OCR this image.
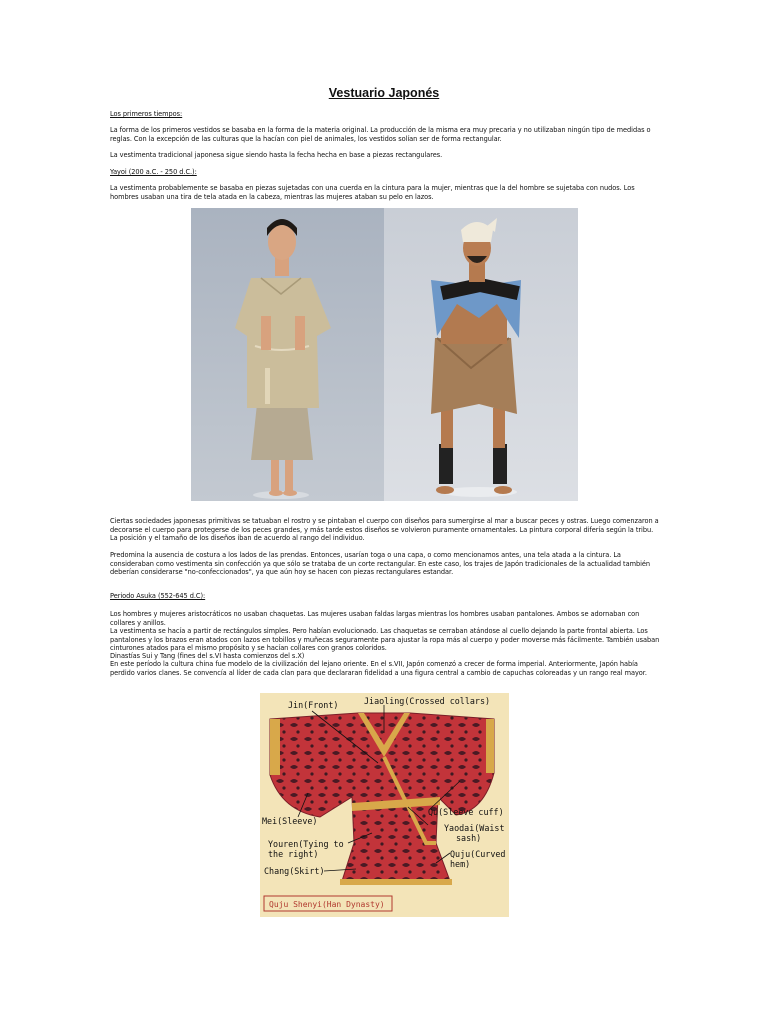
Vestuario Japonés
Los primeros tiempos:
La forma de los primeros vestidos se basaba en la forma de la materia original. La producción de la misma era muy precaria y no utilizaban ningún tipo de medidas o reglas. Con la excepción de las culturas que la hacían con piel de animales, los vestidos solían ser de forma rectangular.
La vestimenta tradicional japonesa sigue siendo hasta la fecha hecha en base a piezas rectangulares.
Yayoi (200 a.C. - 250 d.C.):
La vestimenta probablemente se basaba en piezas sujetadas con una cuerda en la cintura para la mujer, mientras que la del hombre se sujetaba con nudos. Los hombres usaban una tira de tela atada en la cabeza, mientras las mujeres ataban su pelo en lazos.
Ciertas sociedades japonesas primitivas se tatuaban el rostro y se pintaban el cuerpo con diseños para sumergirse al mar a buscar peces y ostras. Luego comenzaron a decorarse el cuerpo para protegerse de los peces grandes, y más tarde estos diseños se volvieron puramente ornamentales. La pintura corporal difería según la tribu. La posición y el tamaño de los diseños iban de acuerdo al rango del individuo.
Predomina la ausencia de costura a los lados de las prendas. Entonces, usarían toga o una capa, o como mencionamos antes, una tela atada a la cintura. La consideraban como vestimenta sin confección ya que sólo se trataba de un corte rectangular. En este caso, los trajes de Japón tradicionales de la actualidad también deberían considerarse "no-confeccionados", ya que aún hoy se hacen con piezas rectangulares estandar.
Periodo Asuka (552-645 d.C):
Los hombres y mujeres aristocráticos no usaban chaquetas. Las mujeres usaban faldas largas mientras los hombres usaban pantalones. Ambos se adornaban con collares y anillos.
La vestimenta se hacía a partir de rectángulos simples. Pero habían evolucionado. Las chaquetas se cerraban atándose al cuello dejando la parte frontal abierta. Los pantalones y los brazos eran atados con lazos en tobillos y muñecas seguramente para ajustar la ropa más al cuerpo y poder moverse más fácilmente. También usaban cinturones atados para el mismo propósito y se hacían collares con granos coloridos.
Dinastías Sui y Tang (fines del s.VI hasta comienzos del s.X)
En este período la cultura china fue modelo de la civilización del lejano oriente. En el s.VII, Japón comenzó a crecer de forma imperial. Anteriormente, Japón había perdido varios clanes. Se convencía al líder de cada clan para que declararan fidelidad a una figura central a cambio de capuchas coloreadas y un rango real mayor.
Jin(Front)	Jiaoling(Crossed collars)
Qu(Sleeve cuff)
Mei(Sleeve)
Yaodai(Waist
sash)
Youren(Tying to
the right)	Quju(Curved
hem)
Chang(Skirt)
Quju Shenyi(Han Dynasty)
